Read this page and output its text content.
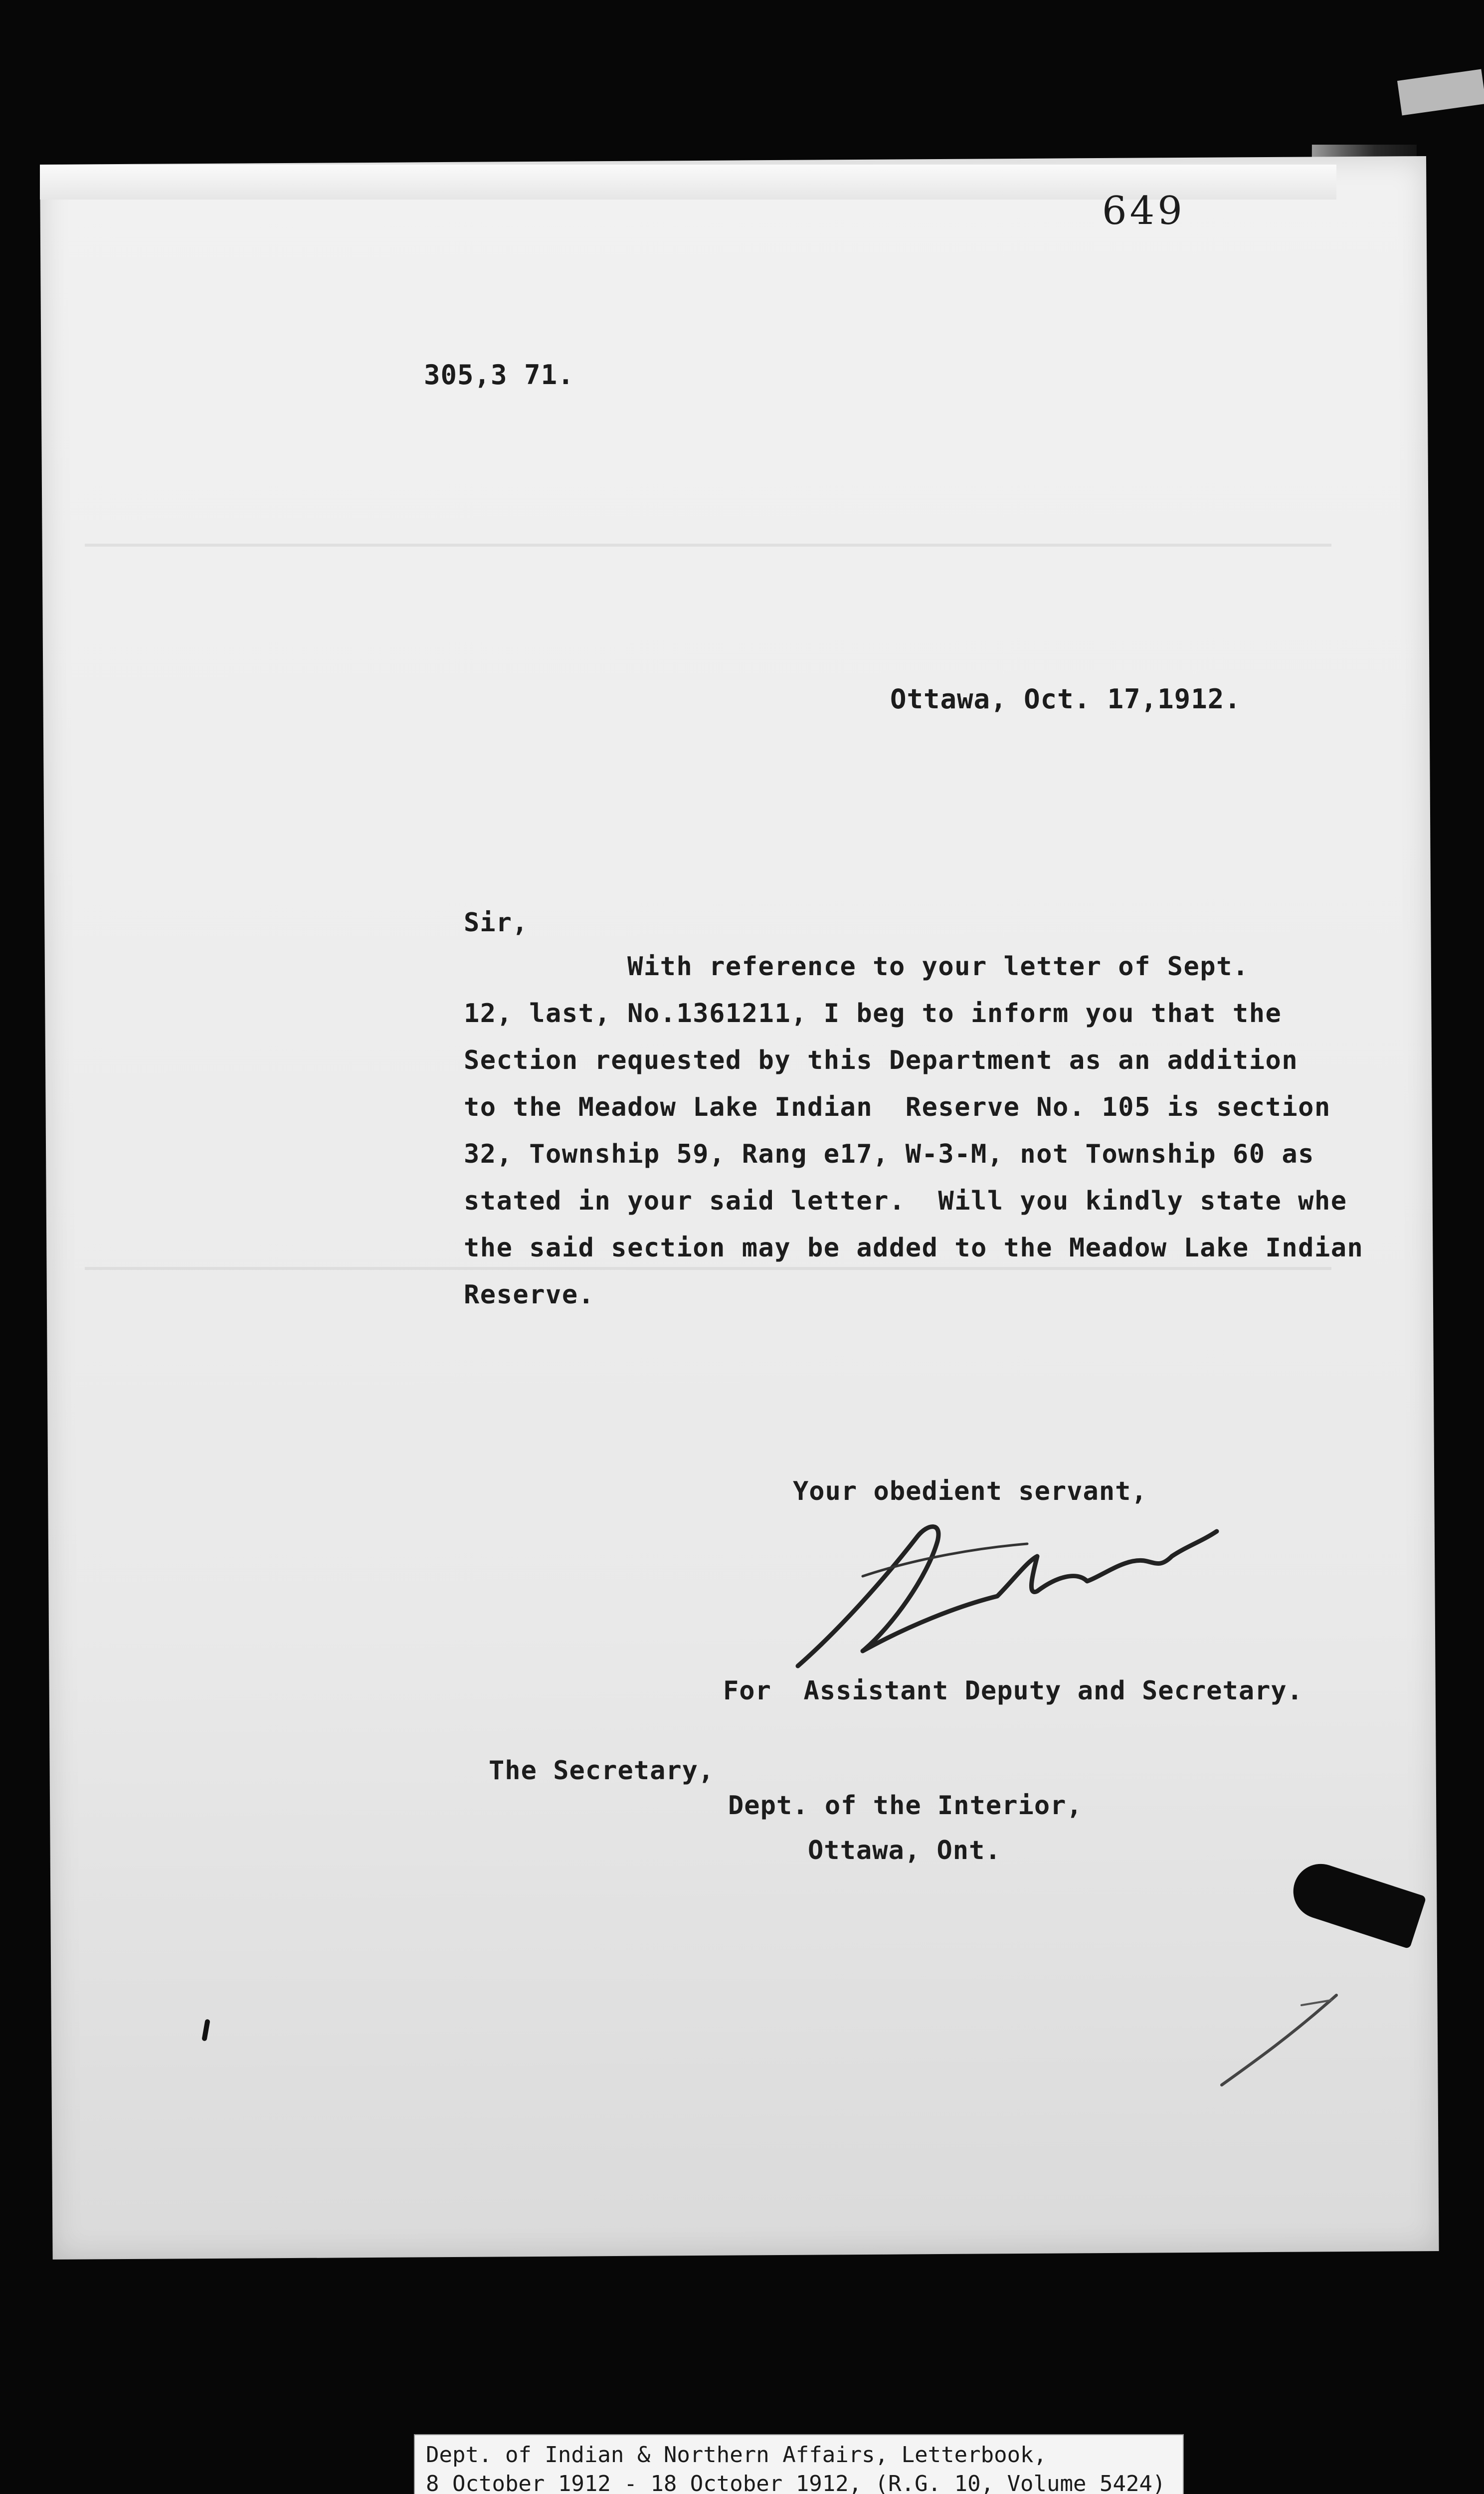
649
305,3 71.
Ottawa, Oct. 17,1912.
Sir,
With reference to your letter of Sept.
12, last, No.1361211, I beg to inform you that the
Section requested by this Department as an addition
to the Meadow Lake Indian  Reserve No. 105 is section
32, Township 59, Rang e17, W-3-M, not Township 60 as
stated in your said letter.  Will you kindly state whe
the said section may be added to the Meadow Lake Indian
Reserve.
Your obedient servant,
For  Assistant Deputy and Secretary.
The Secretary,
Dept. of the Interior,
Ottawa, Ont.
Dept. of Indian & Northern Affairs, Letterbook,
8 October 1912 - 18 October 1912, (R.G. 10, Volume 5424)
